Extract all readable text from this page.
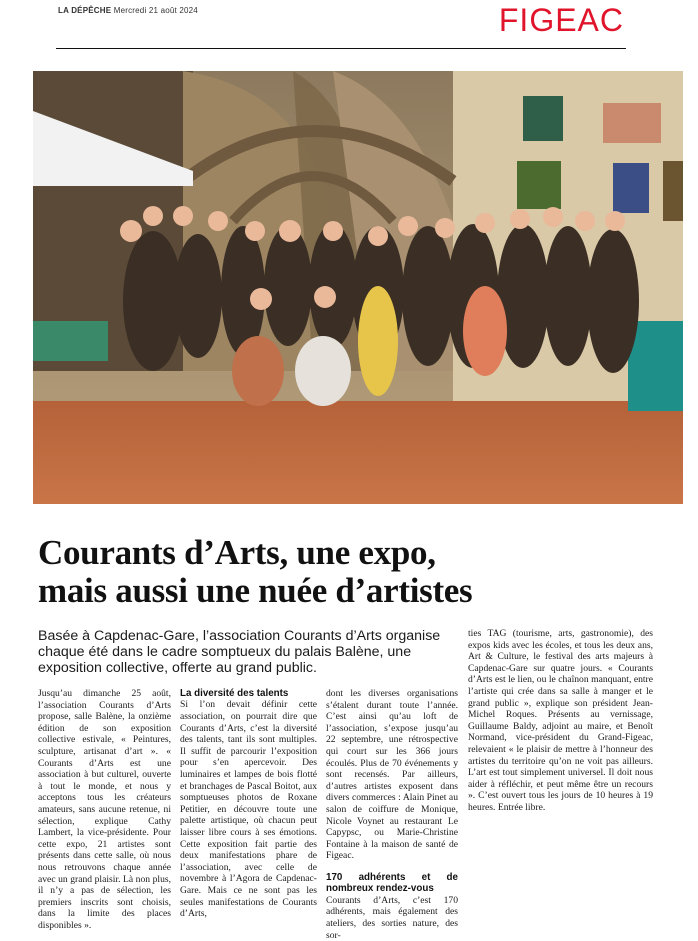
LA DÉPÊCHE Mercredi 21 août 2024	FIGEAC
Courants d’Arts, une expo,
mais aussi une nuée d’artistes
Basée à Capdenac-Gare, l’association Courants d’Arts organise chaque été dans le cadre somptueux du palais Balène, une exposition collective, offerte au grand public.

Jusqu’au dimanche 25 août, l’association Courants d’Arts propose, salle Balène, la onzième édition de son exposition collective estivale, « Peintures, sculpture, artisanat d’art ». « Courants d’Arts est une association à but culturel, ouverte à tout le monde, et nous y acceptons tous les créateurs amateurs, sans aucune retenue, ni sélection, explique Cathy Lambert, la vice-présidente. Pour cette expo, 21 artistes sont présents dans cette salle, où nous nous retrouvons chaque année avec un grand plaisir. Là non plus, il n’y a pas de sélection, les premiers inscrits sont choisis, dans la limite des places disponibles ».

La diversité des talents

Si l’on devait définir cette association, on pourrait dire que Courants d’Arts, c’est la diversité des talents, tant ils sont multiples. Il suffit de parcourir l’exposition pour s’en apercevoir. Des luminaires et lampes de bois flotté et branchages de Pascal Boitot, aux somptueuses photos de Roxane Petitier, en découvre toute une palette artistique, où chacun peut laisser libre cours à ses émotions. Cette exposition fait partie des deux manifestations phare de l’association, avec celle de novembre à l’Agora de Capdenac-Gare. Mais ce ne sont pas les seules manifestations de Courants d’Arts,

dont les diverses organisations s’étalent durant toute l’année. C’est ainsi qu’au loft de l’association, s’expose jusqu’au 22 septembre, une rétrospective qui court sur les 366 jours écoulés. Plus de 70 événements y sont recensés. Par ailleurs, d’autres artistes exposent dans divers commerces : Alain Pinet au salon de coiffure de Monique, Nicole Voynet au restaurant Le Capypsc, ou Marie-Christine Fontaine à la maison de santé de Figeac.

170 adhérents et de nombreux rendez-vous

Courants d’Arts, c’est 170 adhérents, mais également des ateliers, des sorties nature, des sor-

ties TAG (tourisme, arts, gastronomie), des expos kids avec les écoles, et tous les deux ans, Art & Culture, le festival des arts majeurs à Capdenac-Gare sur quatre jours. « Courants d’Arts est le lien, ou le chaînon manquant, entre l’artiste qui crée dans sa salle à manger et le grand public », explique son président Jean-Michel Roques. Présents au vernissage, Guillaume Baldy, adjoint au maire, et Benoît Normand, vice-président du Grand-Figeac, relevaient « le plaisir de mettre à l’honneur des artistes du territoire qu’on ne voit pas ailleurs. L’art est tout simplement universel. Il doit nous aider à réfléchir, et peut même être un recours ». C’est ouvert tous les jours de 10 heures à 19 heures. Entrée libre.
